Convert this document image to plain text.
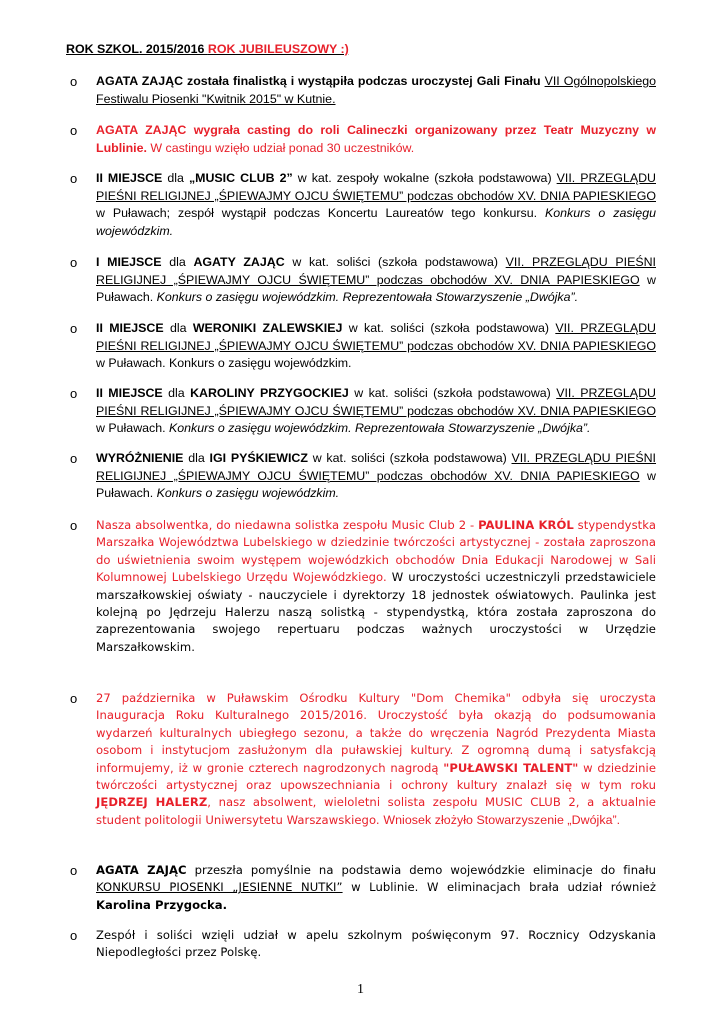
ROK SZKOL. 2015/2016 ROK JUBILEUSZOWY :)
o AGATA ZAJĄC została finalistką i wystąpiła podczas uroczystej Gali Finału VII Ogólnopolskiego Festiwalu Piosenki "Kwitnik 2015" w Kutnie.
o AGATA ZAJĄC wygrała casting do roli Calineczki organizowany przez Teatr Muzyczny w Lublinie. W castingu wzięło udział ponad 30 uczestników.
o II MIEJSCE dla „MUSIC CLUB 2” w kat. zespoły wokalne (szkoła podstawowa) VII. PRZEGLĄDU PIEŚNI RELIGIJNEJ „ŚPIEWAJMY OJCU ŚWIĘTEMU” podczas obchodów XV. DNIA PAPIESKIEGO w Puławach; zespół wystąpił podczas Koncertu Laureatów tego konkursu. Konkurs o zasięgu wojewódzkim.
o I MIEJSCE dla AGATY ZAJĄC w kat. soliści (szkoła podstawowa) VII. PRZEGLĄDU PIEŚNI RELIGIJNEJ „ŚPIEWAJMY OJCU ŚWIĘTEMU” podczas obchodów XV. DNIA PAPIESKIEGO w Puławach. Konkurs o zasięgu wojewódzkim. Reprezentowała Stowarzyszenie „Dwójka”.
o II MIEJSCE dla WERONIKI ZALEWSKIEJ w kat. soliści (szkoła podstawowa) VII. PRZEGLĄDU PIEŚNI RELIGIJNEJ „ŚPIEWAJMY OJCU ŚWIĘTEMU” podczas obchodów XV. DNIA PAPIESKIEGO w Puławach. Konkurs o zasięgu wojewódzkim.
o II MIEJSCE dla KAROLINY PRZYGOCKIEJ w kat. soliści (szkoła podstawowa) VII. PRZEGLĄDU PIEŚNI RELIGIJNEJ „ŚPIEWAJMY OJCU ŚWIĘTEMU” podczas obchodów XV. DNIA PAPIESKIEGO w Puławach. Konkurs o zasięgu wojewódzkim. Reprezentowała Stowarzyszenie „Dwójka”.
o WYRÓŻNIENIE dla IGI PYŚKIEWICZ w kat. soliści (szkoła podstawowa) VII. PRZEGLĄDU PIEŚNI RELIGIJNEJ „ŚPIEWAJMY OJCU ŚWIĘTEMU” podczas obchodów XV. DNIA PAPIESKIEGO w Puławach. Konkurs o zasięgu wojewódzkim.
o Nasza absolwentka, do niedawna solistka zespołu Music Club 2 - PAULINA KRÓL stypendystka Marszałka Województwa Lubelskiego w dziedzinie twórczości artystycznej - została zaproszona do uświetnienia swoim występem wojewódzkich obchodów Dnia Edukacji Narodowej w Sali Kolumnowej Lubelskiego Urzędu Wojewódzkiego. W uroczystości uczestniczyli przedstawiciele marszałkowskiej oświaty - nauczyciele i dyrektorzy 18 jednostek oświatowych. Paulinka jest kolejną po Jędrzeju Halerzu naszą solistką - stypendystką, która została zaproszona do zaprezentowania swojego repertuaru podczas ważnych uroczystości w Urzędzie Marszałkowskim.
o 27 października w Puławskim Ośrodku Kultury "Dom Chemika" odbyła się uroczysta Inauguracja Roku Kulturalnego 2015/2016. Uroczystość była okazją do podsumowania wydarzeń kulturalnych ubiegłego sezonu, a także do wręczenia Nagród Prezydenta Miasta osobom i instytucjom zasłużonym dla puławskiej kultury. Z ogromną dumą i satysfakcją informujemy, iż w gronie czterech nagrodzonych nagrodą "PUŁAWSKI TALENT" w dziedzinie twórczości artystycznej oraz upowszechniania i ochrony kultury znalazł się w tym roku JĘDRZEJ HALERZ, nasz absolwent, wieloletni solista zespołu MUSIC CLUB 2, a aktualnie student politologii Uniwersytetu Warszawskiego. Wniosek złożyło Stowarzyszenie „Dwójka”.
o AGATA ZAJĄC przeszła pomyślnie na podstawia demo wojewódzkie eliminacje do finału KONKURSU PIOSENKI „JESIENNE NUTKI” w Lublinie. W eliminacjach brała udział również Karolina Przygocka.
o Zespół i soliści wzięli udział w apelu szkolnym poświęconym 97. Rocznicy Odzyskania Niepodległości przez Polskę.
1
